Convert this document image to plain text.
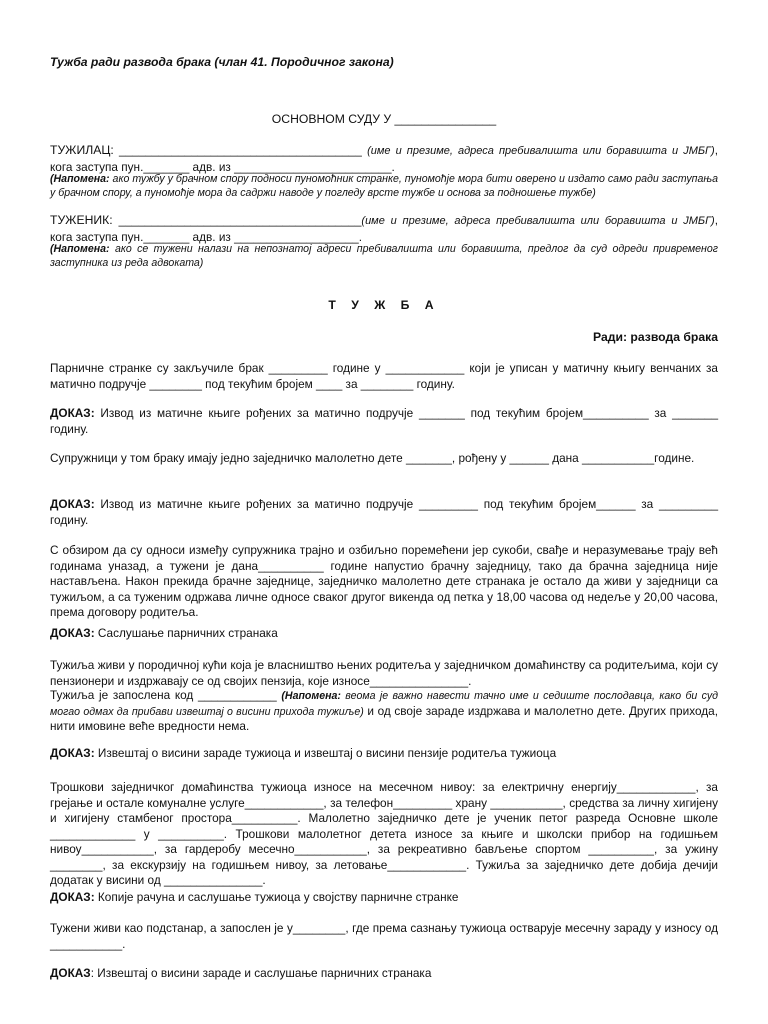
Тужба ради развода брака (члан 41. Породичног закона)

ОСНОВНОМ СУДУ У _______________

ТУЖИЛАЦ: _____________________________________ (име и презиме, адреса пребивалишта или боравишта и ЈМБГ), кога заступа пун._______ адв. из ________________________.

(Напомена: ако тужбу у брачном спору подноси пуномоћник странке, пуномоћје мора бити оверено и издато само ради заступања у брачном спору, а пуномоћје мора да садржи наводе у погледу врсте тужбе и основа за подношење тужбе)

ТУЖЕНИК: _____________________________________(име и презиме, адреса пребивалишта или боравишта и ЈМБГ), кога заступа пун._______ адв. из ___________________.

(Напомена: ако се тужени налази на непознатој адреси пребивалишта или боравишта, предлог да суд одреди привременог заступника из реда адвоката)

Т У Ж Б А

Ради: развода брака

Парничне странке су закључиле брак _________ године у ____________ који је уписан у матичну књигу венчаних за матично подручје ________ под текућим бројем ____ за ________ годину.

ДОКАЗ: Извод из матичне књиге рођених за матично подручје _______ под текућим бројем__________ за _______ годину.

Супружници у том браку имају једно заједничко малолетно дете _______, рођену у ______ дана ___________године.

ДОКАЗ: Извод из матичне књиге рођених за матично подручје _________ под текућим бројем______ за _________ годину.

С обзиром да су односи између супружника трајно и озбиљно поремећени јер сукоби, свађе и неразумевање трају већ годинама уназад, а тужени је дана__________ године напустио брачну заједницу, тако да брачна заједница није настављена. Након прекида брачне заједнице, заједничко малолетно дете странака је остало да живи у заједници са тужиљом, а са туженим одржава личне односе сваког другог викенда од петка у 18,00 часова од недеље у 20,00 часова, према договору родитеља.

ДОКАЗ: Саслушање парничних странака

Тужиља живи у породичној кући која је власништво њених родитеља у заједничком домаћинству са родитељима, који су пензионери и издржавају се од својих пензија, које износе_______________.

Тужиља је запослена код ____________ (Напомена: веома је важно навести тачно име и седиште послодавца, како би суд могао одмах да прибави извештај о висини прихода тужиље) и од своје зараде издржава и малолетно дете. Других прихода, нити имовине веће вредности нема.

ДОКАЗ: Извештај о висини зараде тужиоца и извештај о висини пензије родитеља тужиоца

Трошкови заједничког домаћинства тужиоца износе на месечном нивоу: за електричну енергију____________, за грејање и остале комуналне услуге____________, за телефон_________ храну ___________, средства за личну хигијену и хигијену стамбеног простора__________. Малолетно заједничко дете је ученик петог разреда Основне школе _____________ у __________. Трошкови малолетног детета износе за књиге и школски прибор на годишњем нивоу___________, за гардеробу месечно___________, за рекреативно бављење спортом __________, за ужину ________, за екскурзију на годишњем нивоу, за летовање____________. Тужиља за заједничко дете добија дечији додатак у висини од _______________.

ДОКАЗ: Копије рачуна и саслушање тужиоца у својству парничне странке

Тужени живи као подстанар, а запослен је у________, где према сазнању тужиоца остварује месечну зараду у износу од ___________.

ДОКАЗ: Извештај о висини зараде и саслушање парничних странака
